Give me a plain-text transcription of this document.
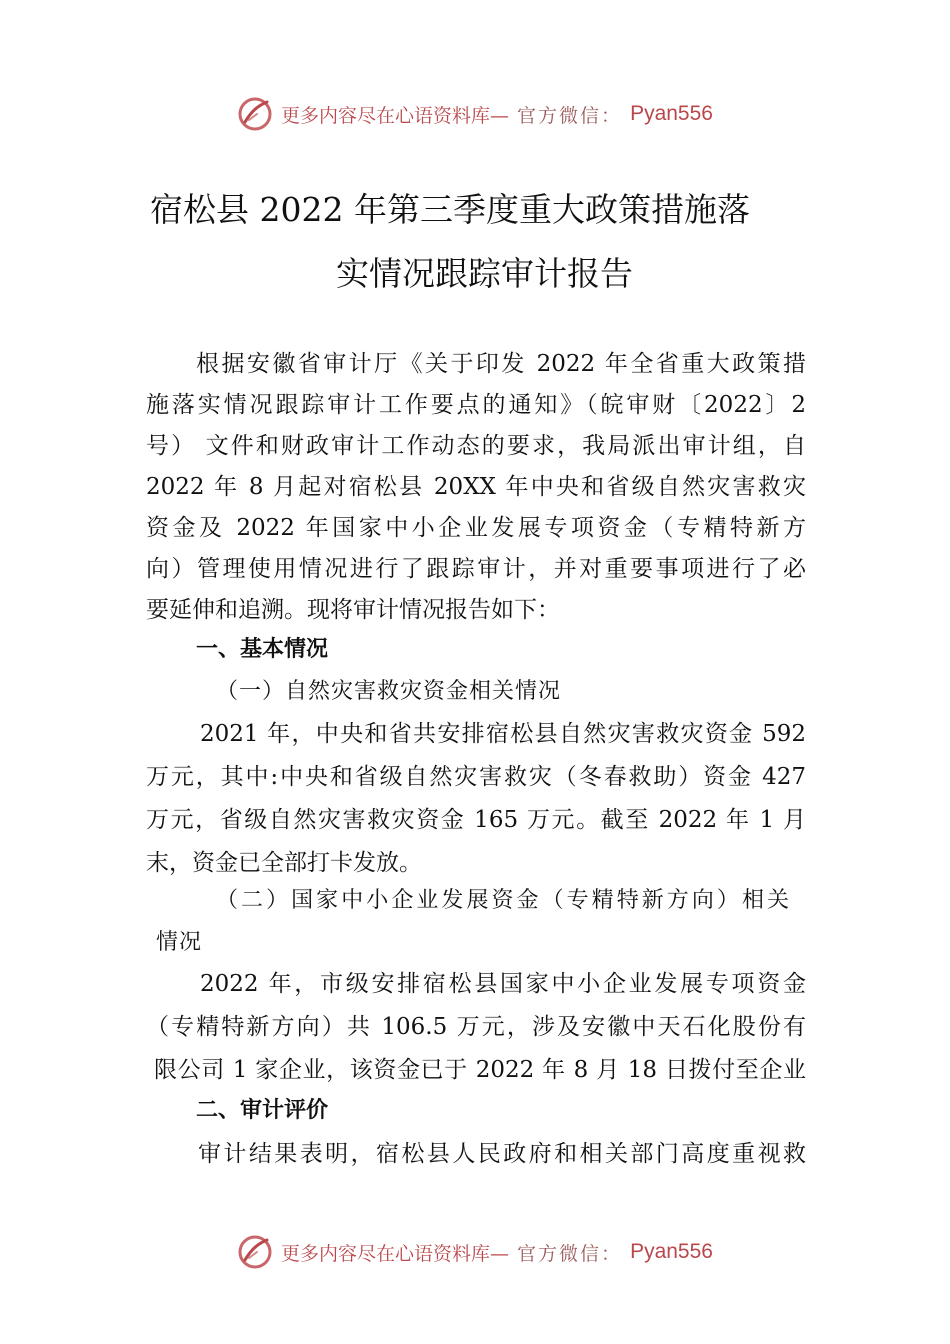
更多内容尽在心语资料库— 官方微信： Pyan556
宿松县 2022 年第三季度重大政策措施落
实情况跟踪审计报告
根据安徽省审计厅《关于印发 2022 年全省重大政策措
施落实情况跟踪审计工作要点的通知》（皖审财〔2022〕2
号） 文件和财政审计工作动态的要求，我局派出审计组，自
2022 年 8 月起对宿松县 20XX 年中央和省级自然灾害救灾
资金及 2022 年国家中小企业发展专项资金（专精特新方
向）管理使用情况进行了跟踪审计，并对重要事项进行了必
要延伸和追溯。现将审计情况报告如下：
一、基本情况
（一）自然灾害救灾资金相关情况
2021 年，中央和省共安排宿松县自然灾害救灾资金 592
万元，其中:中央和省级自然灾害救灾（冬春救助）资金 427
万元，省级自然灾害救灾资金 165 万元。截至 2022 年 1 月
末，资金已全部打卡发放。
（二）国家中小企业发展资金（专精特新方向）相关
情况
2022 年，市级安排宿松县国家中小企业发展专项资金
（专精特新方向）共 106.5 万元，涉及安徽中天石化股份有
限公司 1 家企业，该资金已于 2022 年 8 月 18 日拨付至企业
二、审计评价
审计结果表明，宿松县人民政府和相关部门高度重视救
更多内容尽在心语资料库— 官方微信： Pyan556
